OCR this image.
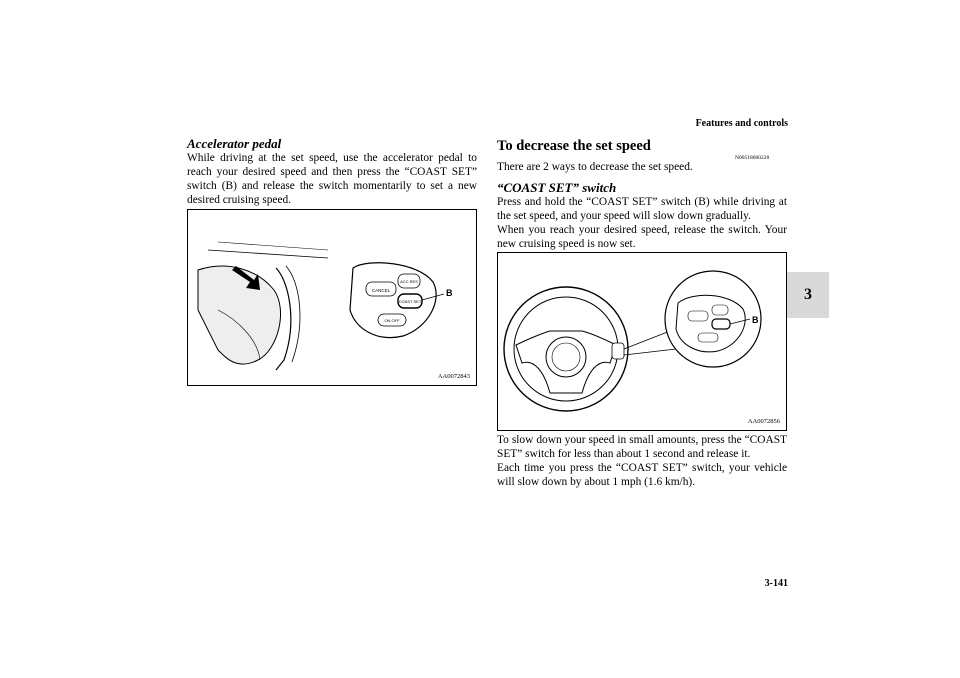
Features and controls
3
Accelerator pedal

While driving at the set speed, use the accelerator pedal to reach your desired speed and then press the “COAST SET” switch (B) and release the switch momentarily to set a new desired cruising speed.

CANCEL
ACC RES
COAST SET
ON OFF
B
AA0072843
To decrease the set speed
N00518600228

There are 2 ways to decrease the set speed.

“COAST SET” switch

Press and hold the “COAST SET” switch (B) while driving at the set speed, and your speed will slow down gradually.

When you reach your desired speed, release the switch. Your new cruising speed is now set.

B
AA0072856

To slow down your speed in small amounts, press the “COAST SET” switch for less than about 1 second and release it.

Each time you press the “COAST SET” switch, your vehicle will slow down by about 1 mph (1.6 km/h).

3-141
